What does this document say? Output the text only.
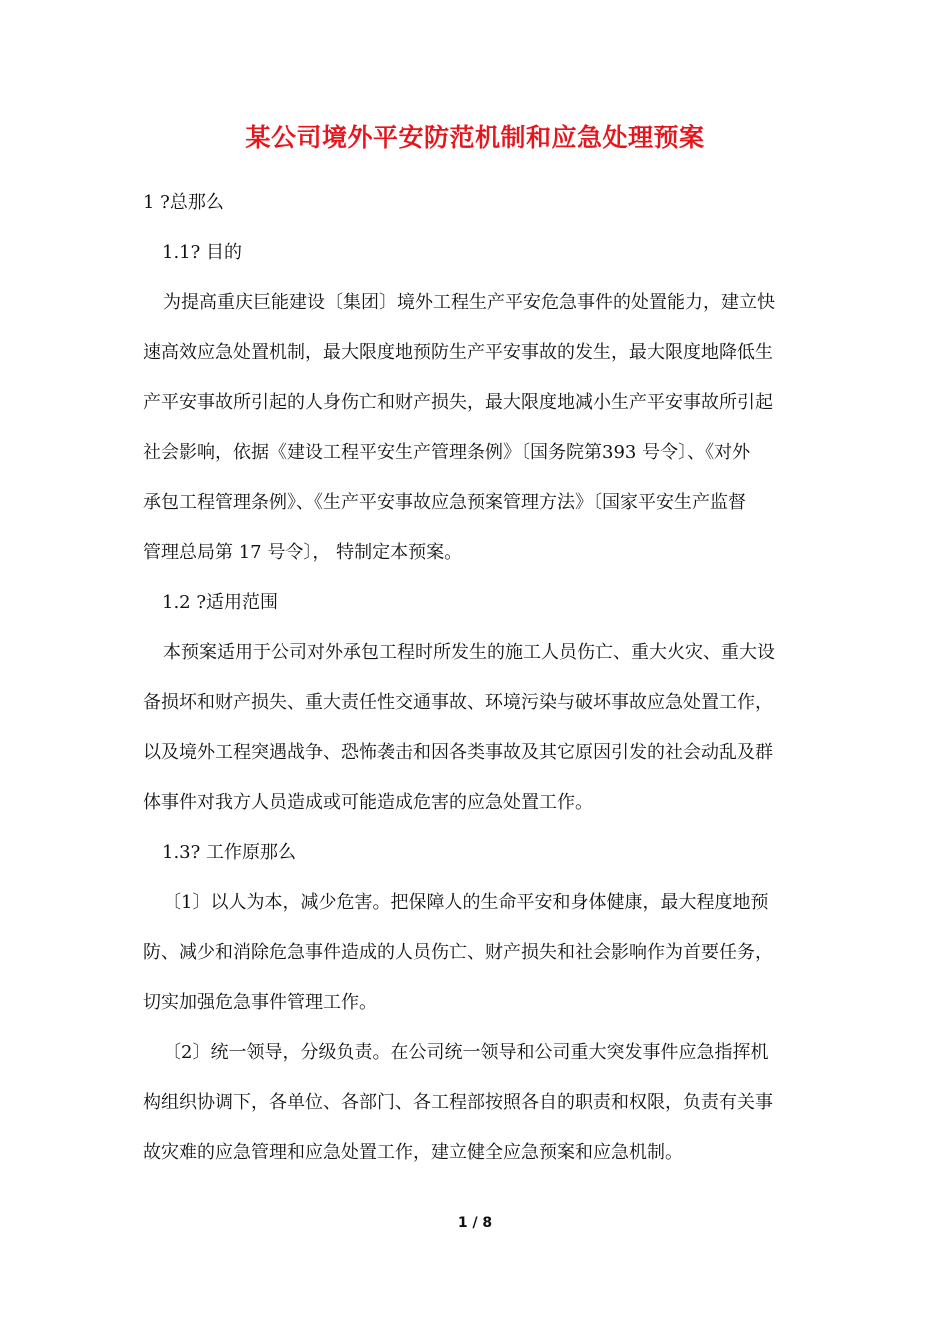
某公司境外平安防范机制和应急处理预案

1 ?总那么

1.1? 目的

为提高重庆巨能建设〔集团〕境外工程生产平安危急事件的处置能力，建立快

速高效应急处置机制，最大限度地预防生产平安事故的发生，最大限度地降低生

产平安事故所引起的人身伤亡和财产损失，最大限度地减小生产平安事故所引起

社会影响，依据《建设工程平安生产管理条例》〔国务院第393 号令〕、《对外

承包工程管理条例》、《生产平安事故应急预案管理方法》〔国家平安生产监督

管理总局第 17 号令〕， 特制定本预案。

1.2 ?适用范围

本预案适用于公司对外承包工程时所发生的施工人员伤亡、重大火灾、重大设

备损坏和财产损失、重大责任性交通事故、环境污染与破坏事故应急处置工作，

以及境外工程突遇战争、恐怖袭击和因各类事故及其它原因引发的社会动乱及群

体事件对我方人员造成或可能造成危害的应急处置工作。

1.3? 工作原那么

〔1〕以人为本，减少危害。把保障人的生命平安和身体健康，最大程度地预

防、减少和消除危急事件造成的人员伤亡、财产损失和社会影响作为首要任务，

切实加强危急事件管理工作。

〔2〕统一领导，分级负责。在公司统一领导和公司重大突发事件应急指挥机

构组织协调下，各单位、各部门、各工程部按照各自的职责和权限，负责有关事

故灾难的应急管理和应急处置工作，建立健全应急预案和应急机制。

1 / 8
